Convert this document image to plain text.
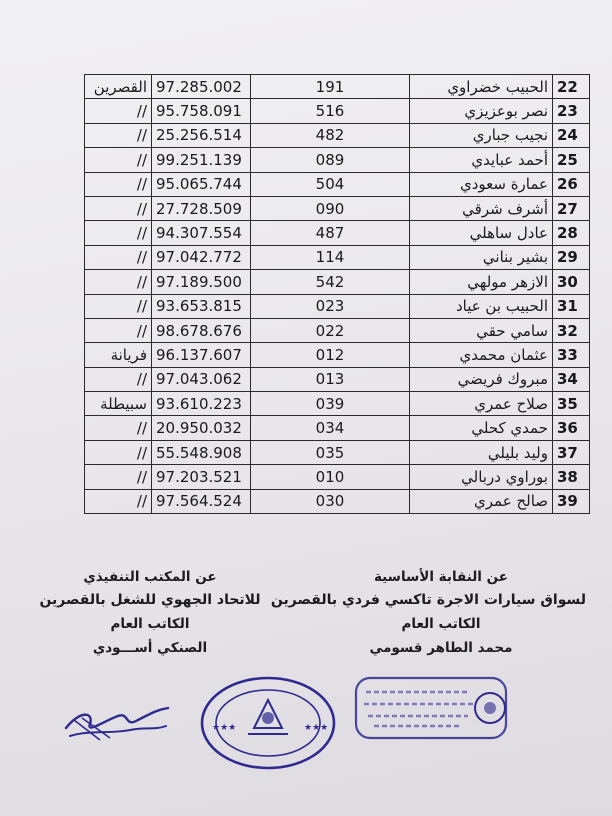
القصرين	97.285.002	191	الحبيب خضراوي	22
//	95.758.091	516	نصر بوعزيزي	23
//	25.256.514	482	نجيب جباري	24
//	99.251.139	089	أحمد عبايدي	25
//	95.065.744	504	عمارة سعودي	26
//	27.728.509	090	أشرف شرقي	27
//	94.307.554	487	عادل ساهلي	28
//	97.042.772	114	بشير بناني	29
//	97.189.500	542	الازهر مولهي	30
//	93.653.815	023	الحبيب بن عياد	31
//	98.678.676	022	سامي حقي	32
فريانة	96.137.607	012	عثمان محمدي	33
//	97.043.062	013	مبروك فريضي	34
سبيطلة	93.610.223	039	صلاح عمري	35
//	20.950.032	034	حمدي كحلي	36
//	55.548.908	035	وليد بليلي	37
//	97.203.521	010	بوراوي دربالي	38
//	97.564.524	030	صالح عمري	39
عن النقابة الأساسية
لسواق سيارات الاجرة تاكسي فردي بالقصرين
الكاتب العام
محمد الطاهر قسومي
عن المكتب التنفيذي
للاتحاد الجهوي للشغل بالقصرين
الكاتب العام
الصنكي أســـودي
★★★	★★★
